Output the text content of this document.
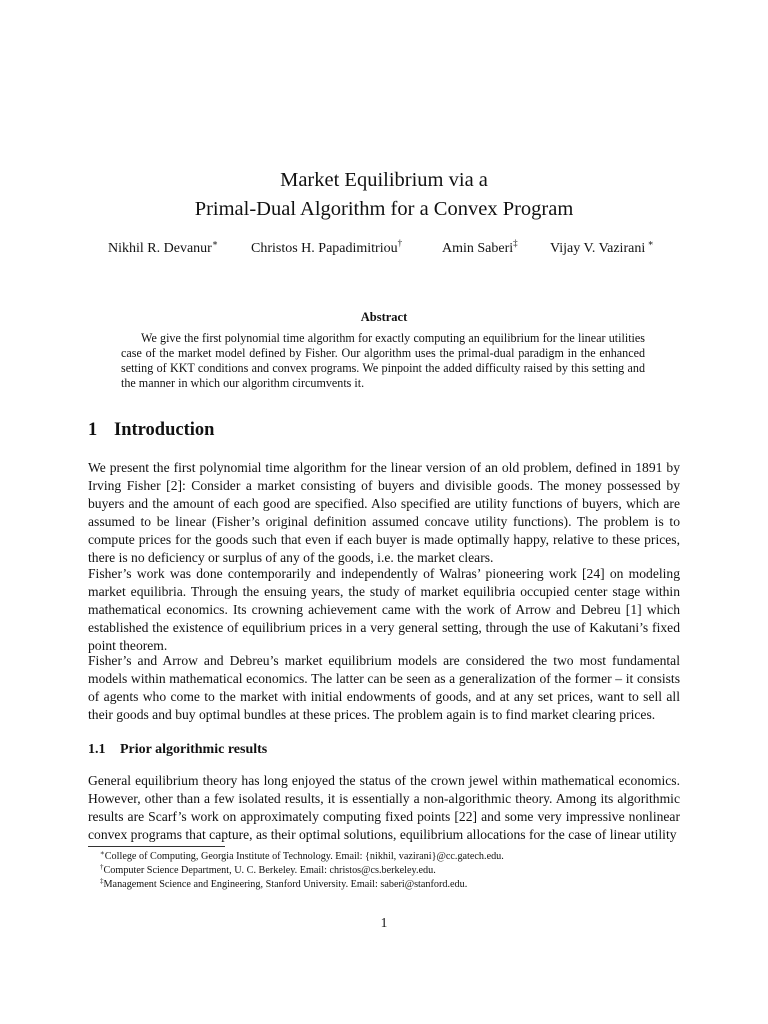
Market Equilibrium via a
Primal-Dual Algorithm for a Convex Program
Nikhil R. Devanur∗ Christos H. Papadimitriou†	Amin Saberi‡ Vijay V. Vazirani ∗
Abstract
We give the first polynomial time algorithm for exactly computing an equilibrium for the linear utilities case of the market model defined by Fisher. Our algorithm uses the primal-dual paradigm in the enhanced setting of KKT conditions and convex programs. We pinpoint the added difficulty raised by this setting and the manner in which our algorithm circumvents it.
1 Introduction
We present the first polynomial time algorithm for the linear version of an old problem, defined in 1891 by Irving Fisher [2]: Consider a market consisting of buyers and divisible goods. The money possessed by buyers and the amount of each good are specified. Also specified are utility functions of buyers, which are assumed to be linear (Fisher’s original definition assumed concave utility functions). The problem is to compute prices for the goods such that even if each buyer is made optimally happy, relative to these prices, there is no deficiency or surplus of any of the goods, i.e. the market clears.
Fisher’s work was done contemporarily and independently of Walras’ pioneering work [24] on modeling market equilibria. Through the ensuing years, the study of market equilibria occupied center stage within mathematical economics. Its crowning achievement came with the work of Arrow and Debreu [1] which established the existence of equilibrium prices in a very general setting, through the use of Kakutani’s fixed point theorem.
Fisher’s and Arrow and Debreu’s market equilibrium models are considered the two most fundamental models within mathematical economics. The latter can be seen as a generalization of the former – it consists of agents who come to the market with initial endowments of goods, and at any set prices, want to sell all their goods and buy optimal bundles at these prices. The problem again is to find market clearing prices.
1.1 Prior algorithmic results
General equilibrium theory has long enjoyed the status of the crown jewel within mathematical economics. However, other than a few isolated results, it is essentially a non-algorithmic theory. Among its algorithmic results are Scarf’s work on approximately computing fixed points [22] and some very impressive nonlinear convex programs that capture, as their optimal solutions, equilibrium allocations for the case of linear utility
∗College of Computing, Georgia Institute of Technology. Email: {nikhil, vazirani}@cc.gatech.edu.
†Computer Science Department, U. C. Berkeley. Email: christos@cs.berkeley.edu.
‡Management Science and Engineering, Stanford University. Email: saberi@stanford.edu.
1
